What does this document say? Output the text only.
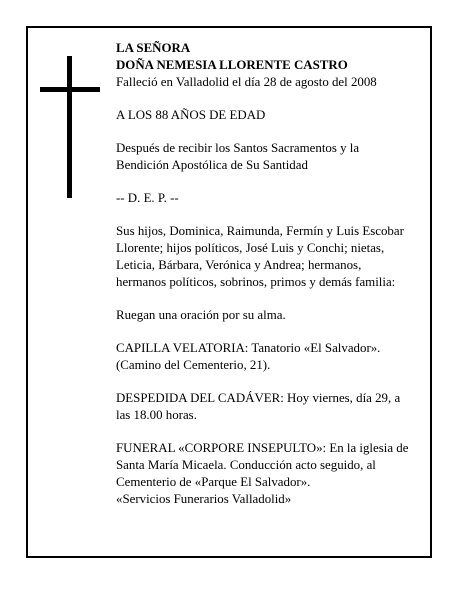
LA SEÑORA
DOÑA NEMESIA LLORENTE CASTRO
Falleció en Valladolid el día 28 de agosto del 2008
A LOS 88 AÑOS DE EDAD
Después de recibir los Santos Sacramentos y la
Bendición Apostólica de Su Santidad
-- D. E. P. --
Sus hijos, Dominica, Raimunda, Fermín y Luis Escobar
Llorente; hijos políticos, José Luis y Conchi; nietas,
Leticia, Bárbara, Verónica y Andrea; hermanos,
hermanos políticos, sobrinos, primos y demás familia:
Ruegan una oración por su alma.
CAPILLA VELATORIA: Tanatorio «El Salvador».
(Camino del Cementerio, 21).
DESPEDIDA DEL CADÁVER: Hoy viernes, día 29, a
las 18.00 horas.
FUNERAL «CORPORE INSEPULTO»: En la iglesia de
Santa María Micaela. Conducción acto seguido, al
Cementerio de «Parque El Salvador».
«Servicios Funerarios Valladolid»
